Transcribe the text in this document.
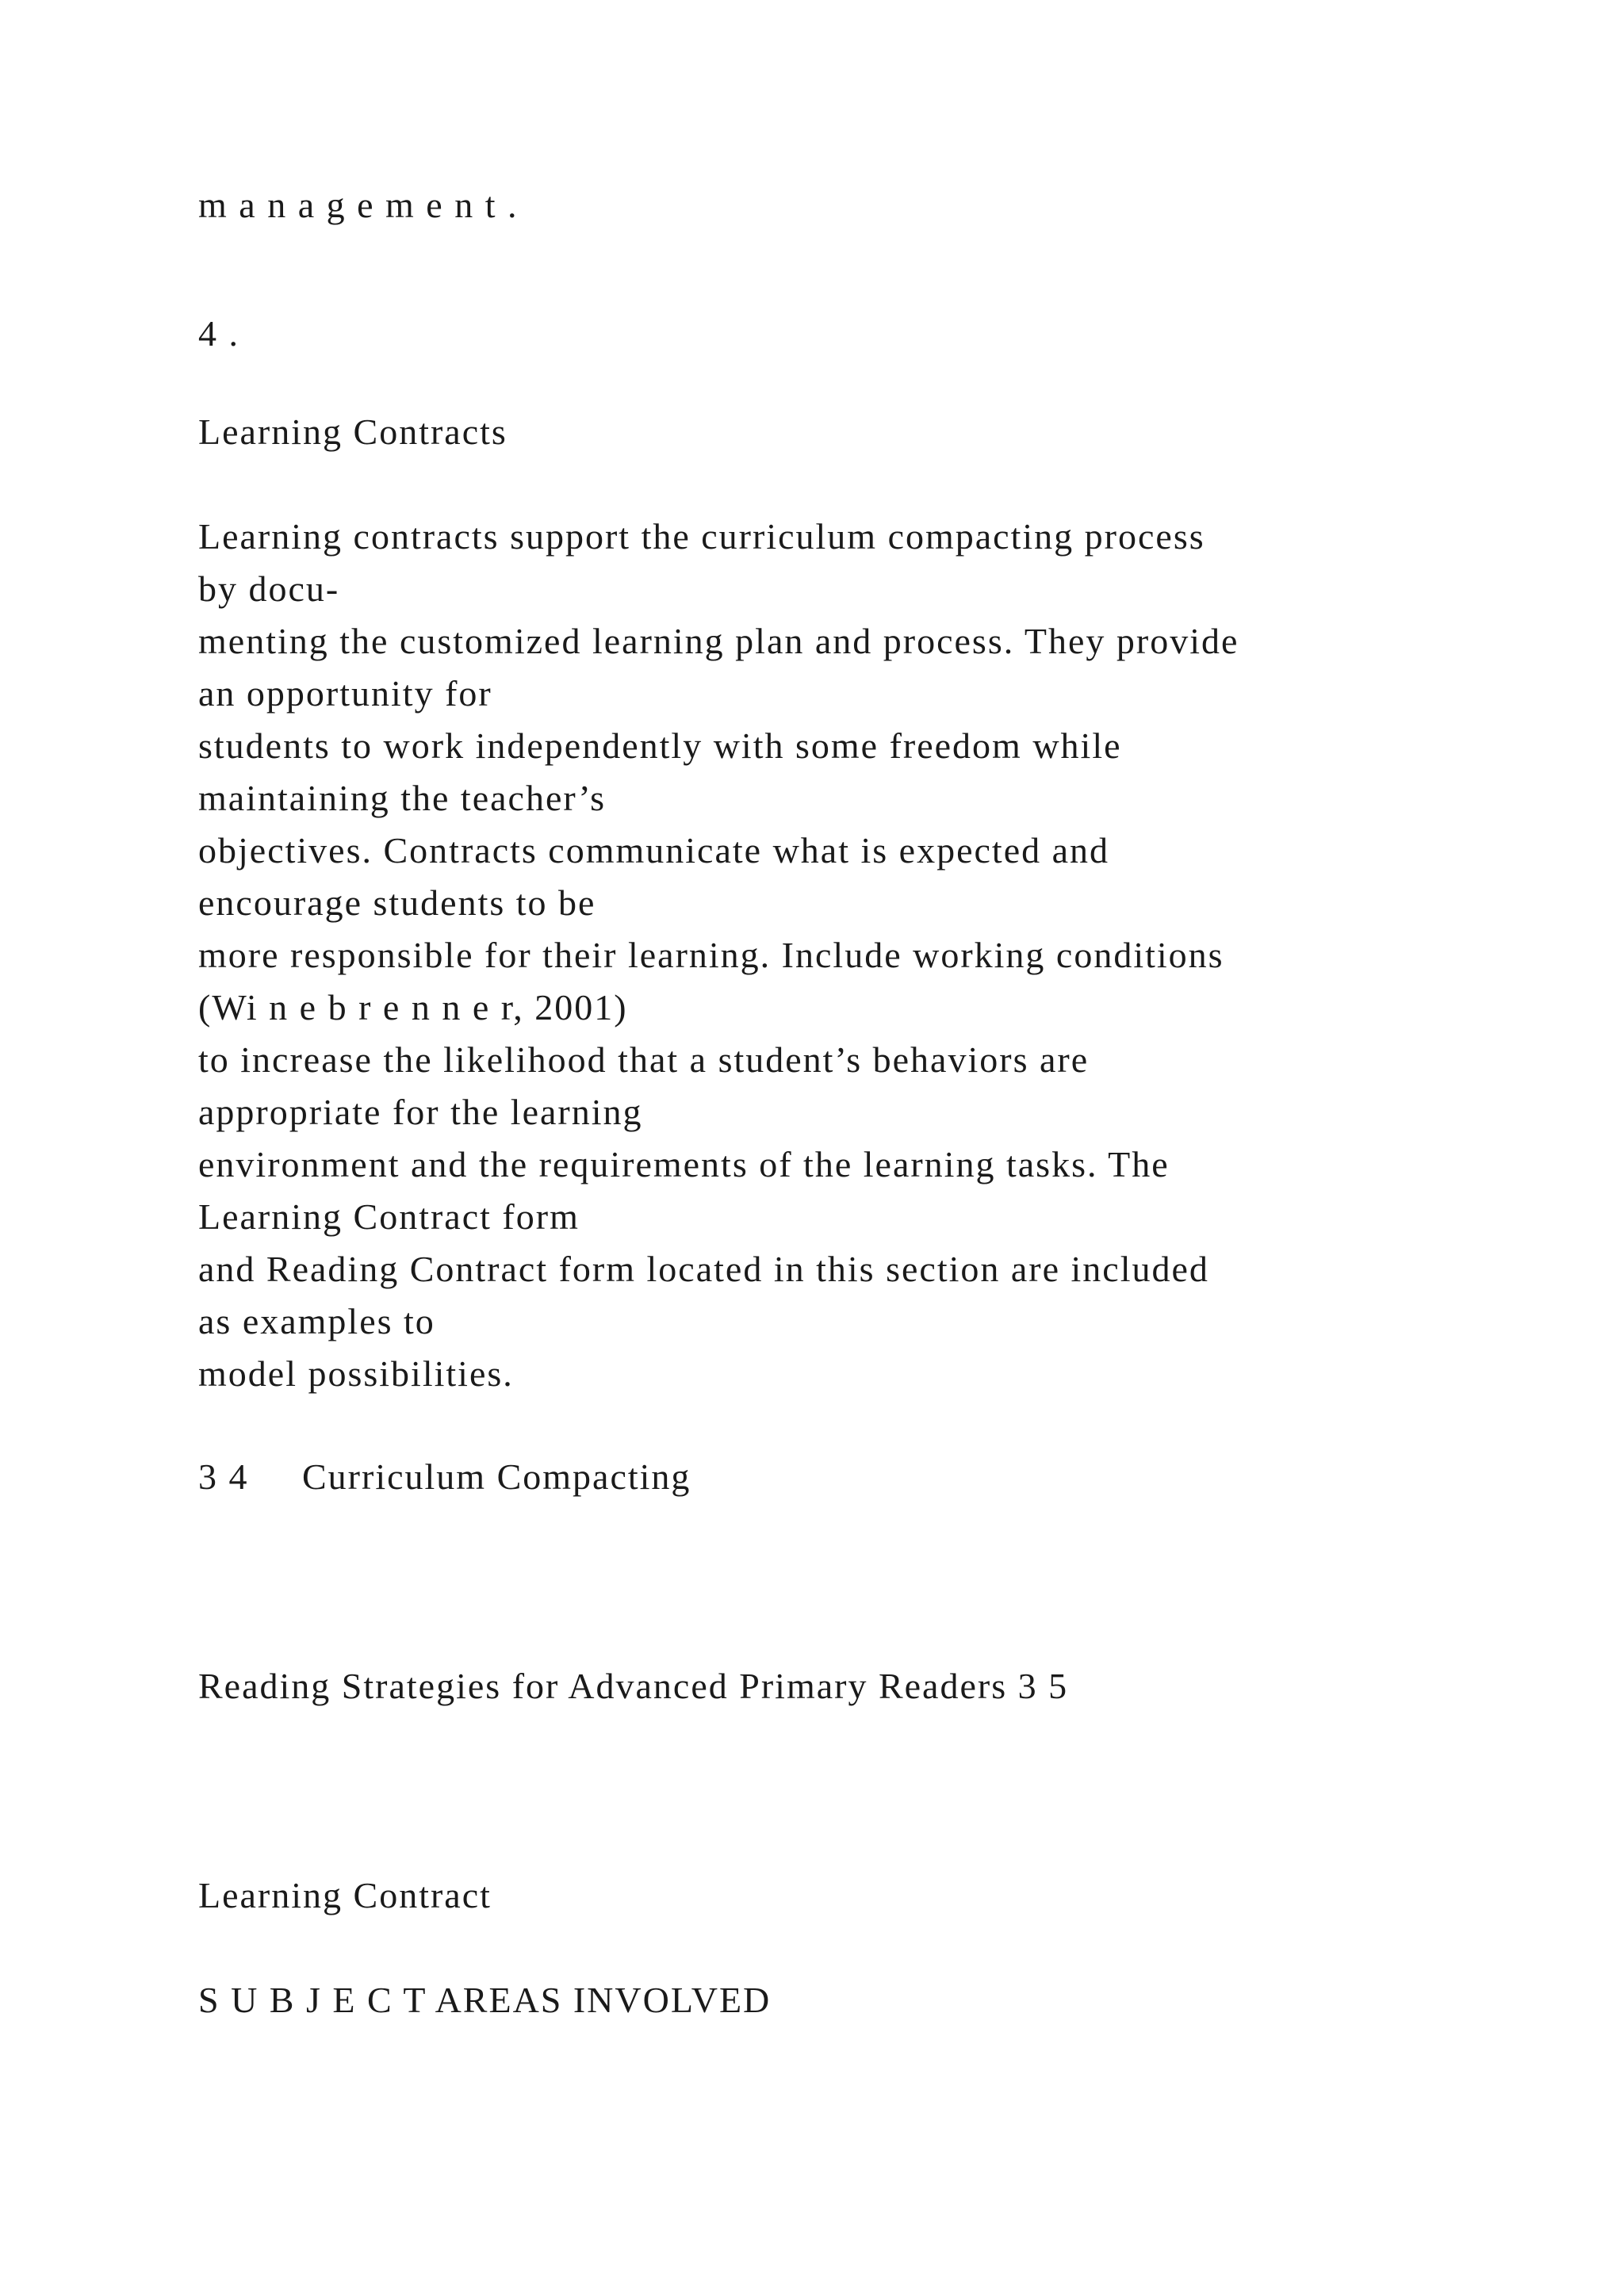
m a n a g e m e n t .
4 .
Learning Contracts
Learning contracts support the curriculum compacting process
by docu-
menting the customized learning plan and process. They provide
an opportunity for
students to work independently with some freedom while
maintaining the teacher’s
objectives. Contracts communicate what is expected and
encourage students to be
more responsible for their learning. Include working conditions
(Wi n e b r e n n e r, 2001)
to increase the likelihood that a student’s behaviors are
appropriate for the learning
environment and the requirements of the learning tasks. The
Learning Contract form
and Reading Contract form located in this section are included
as examples to
model possibilities.
3 4     Curriculum Compacting
Reading Strategies for Advanced Primary Readers 3 5
Learning Contract
S U B J E C T AREAS INVOLVED
